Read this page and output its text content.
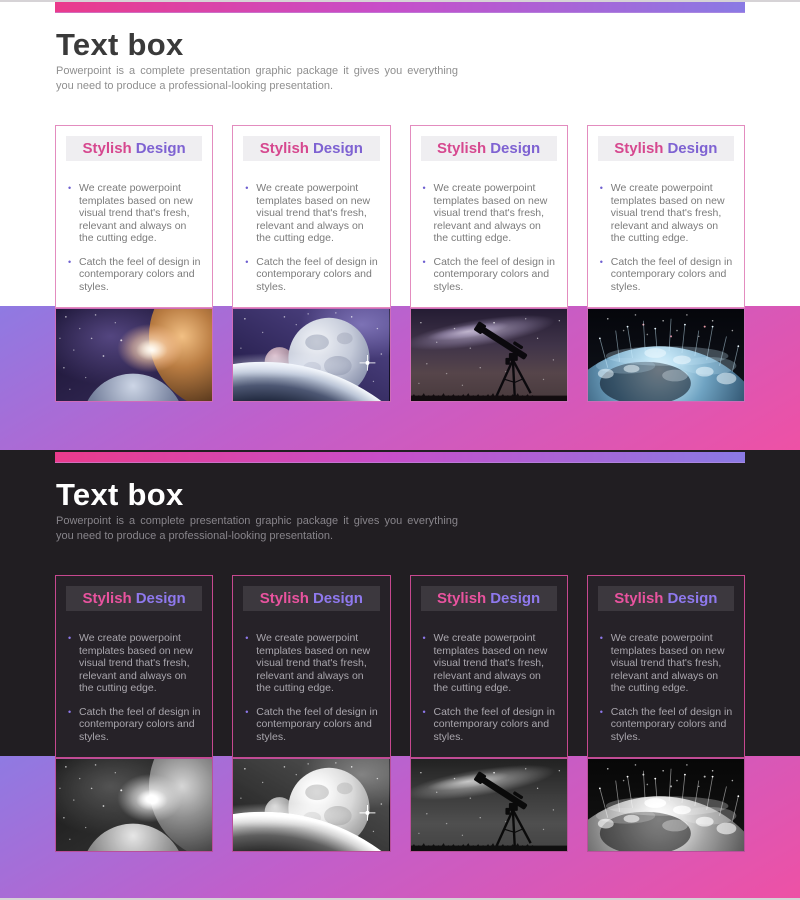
Text box
Powerpoint is a complete presentation graphic package it gives you everything you need to produce a professional-looking presentation.
Stylish Design
• We create powerpoint templates based on new visual trend that's fresh, relevant and always on the cutting edge.
• Catch the feel of design in contemporary colors and styles.
Stylish Design
• We create powerpoint templates based on new visual trend that's fresh, relevant and always on the cutting edge.
• Catch the feel of design in contemporary colors and styles.
Stylish Design
• We create powerpoint templates based on new visual trend that's fresh, relevant and always on the cutting edge.
• Catch the feel of design in contemporary colors and styles.
Stylish Design
• We create powerpoint templates based on new visual trend that's fresh, relevant and always on the cutting edge.
• Catch the feel of design in contemporary colors and styles.
Text box
Powerpoint is a complete presentation graphic package it gives you everything you need to produce a professional-looking presentation.
Stylish Design
• We create powerpoint templates based on new visual trend that's fresh, relevant and always on the cutting edge.
• Catch the feel of design in contemporary colors and styles.
Stylish Design
• We create powerpoint templates based on new visual trend that's fresh, relevant and always on the cutting edge.
• Catch the feel of design in contemporary colors and styles.
Stylish Design
• We create powerpoint templates based on new visual trend that's fresh, relevant and always on the cutting edge.
• Catch the feel of design in contemporary colors and styles.
Stylish Design
• We create powerpoint templates based on new visual trend that's fresh, relevant and always on the cutting edge.
• Catch the feel of design in contemporary colors and styles.
